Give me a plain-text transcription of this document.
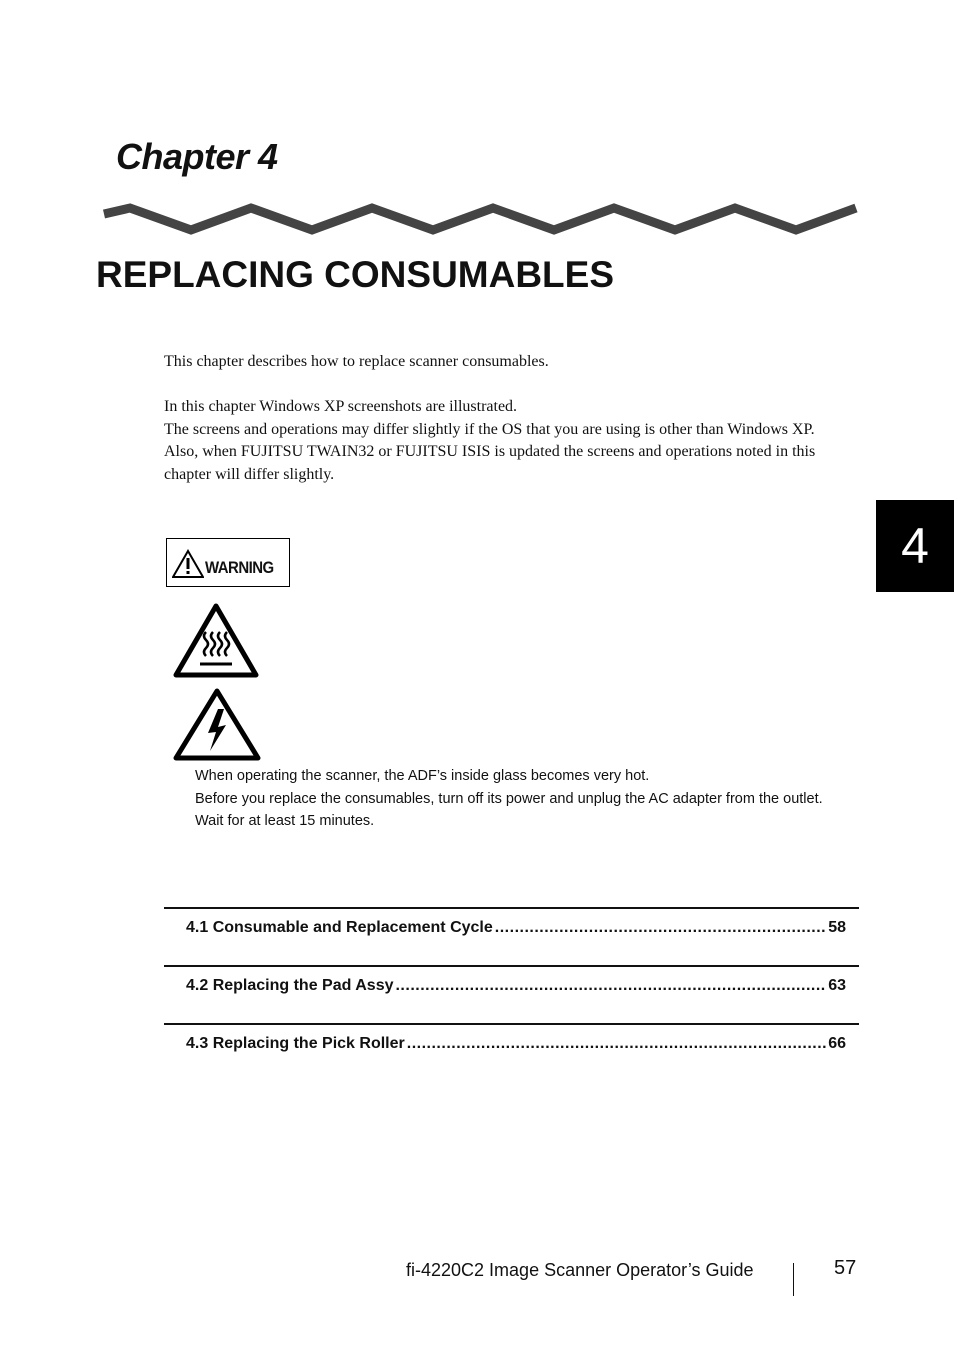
Chapter 4
REPLACING CONSUMABLES

This chapter describes how to replace scanner consumables.

In this chapter Windows XP screenshots are illustrated.

The screens and operations may differ slightly if the OS that you are using is other than Windows XP.

Also, when FUJITSU TWAIN32 or FUJITSU ISIS is updated the screens and operations noted in this chapter will differ slightly.

4
WARNING

When operating the scanner, the ADF’s inside glass becomes very hot.

Before you replace the consumables, turn off its power and unplug the AC adapter from the outlet. Wait for at least 15 minutes.

4.1 Consumable and Replacement Cycle .....	58
4.2 Replacing the Pad Assy .....	63
4.3 Replacing the Pick Roller .....	66
fi-4220C2 Image Scanner Operator’s Guide	57
